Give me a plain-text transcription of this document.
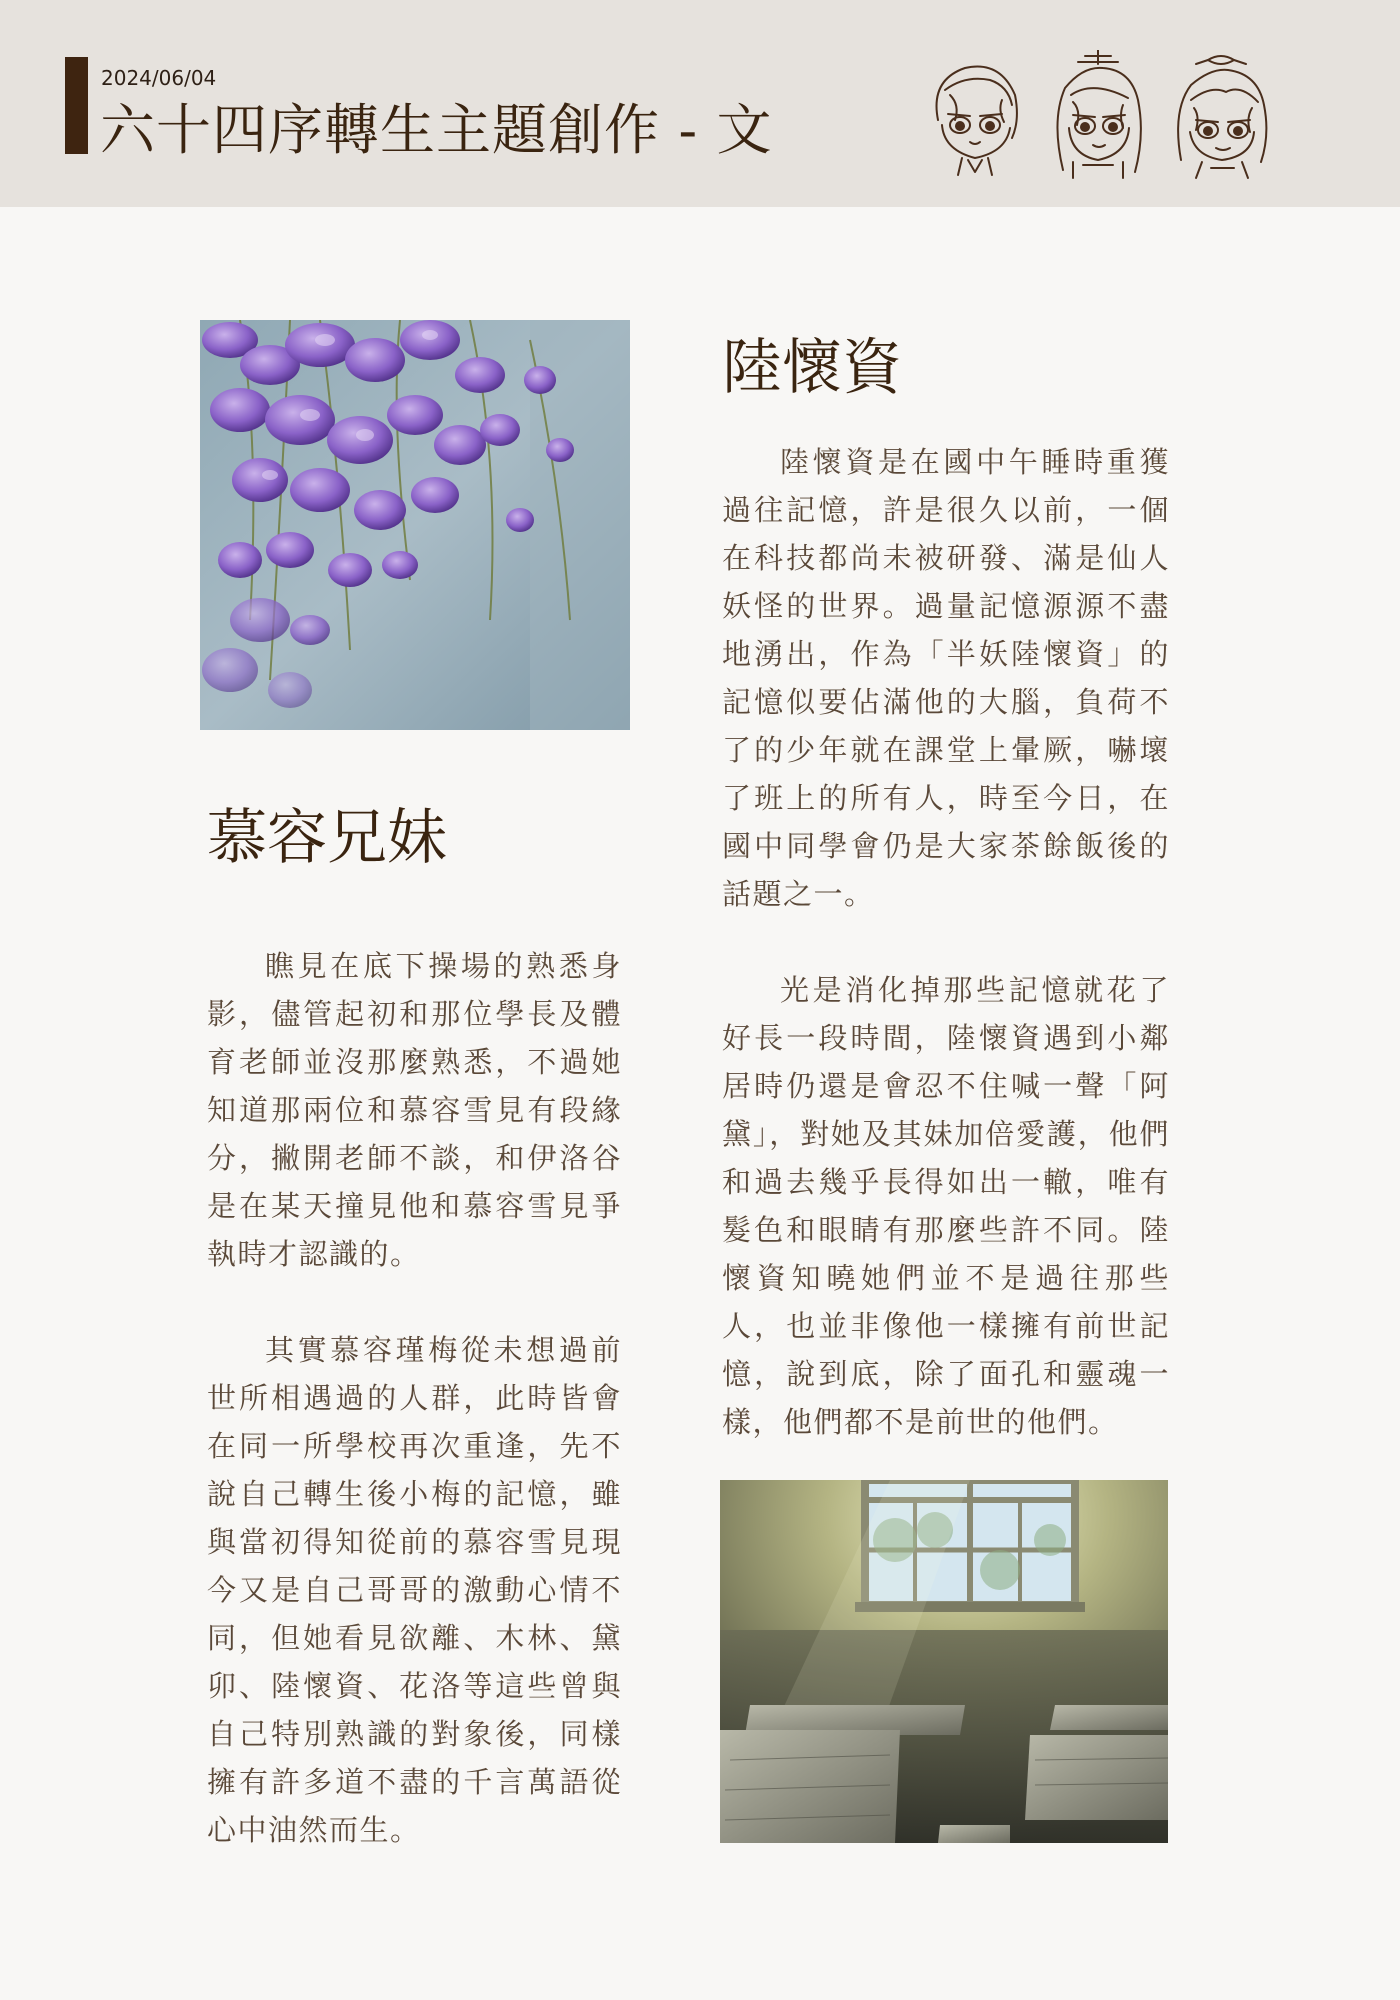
2024/06/04
六十四序轉生主題創作 - 文
慕容兄妹

瞧見在底下操場的熟悉身影，儘管起初和那位學長及體育老師並沒那麼熟悉，不過她知道那兩位和慕容雪見有段緣分，撇開老師不談，和伊洛谷是在某天撞見他和慕容雪見爭執時才認識的。

其實慕容瑾梅從未想過前世所相遇過的人群，此時皆會在同一所學校再次重逢，先不說自己轉生後小梅的記憶，雖與當初得知從前的慕容雪見現今又是自己哥哥的激動心情不同，但她看見欲離、木林、黛卯、陸懷資、花洛等這些曾與自己特別熟識的對象後，同樣擁有許多道不盡的千言萬語從心中油然而生。

陸懷資

陸懷資是在國中午睡時重獲過往記憶，許是很久以前，一個在科技都尚未被研發、滿是仙人妖怪的世界。過量記憶源源不盡地湧出，作為「半妖陸懷資」的記憶似要佔滿他的大腦，負荷不了的少年就在課堂上暈厥，嚇壞了班上的所有人，時至今日，在國中同學會仍是大家茶餘飯後的話題之一。

光是消化掉那些記憶就花了好長一段時間，陸懷資遇到小鄰居時仍還是會忍不住喊一聲「阿黛」，對她及其妹加倍愛護，他們和過去幾乎長得如出一轍，唯有髮色和眼睛有那麼些許不同。陸懷資知曉她們並不是過往那些人，也並非像他一樣擁有前世記憶，說到底，除了面孔和靈魂一樣，他們都不是前世的他們。
